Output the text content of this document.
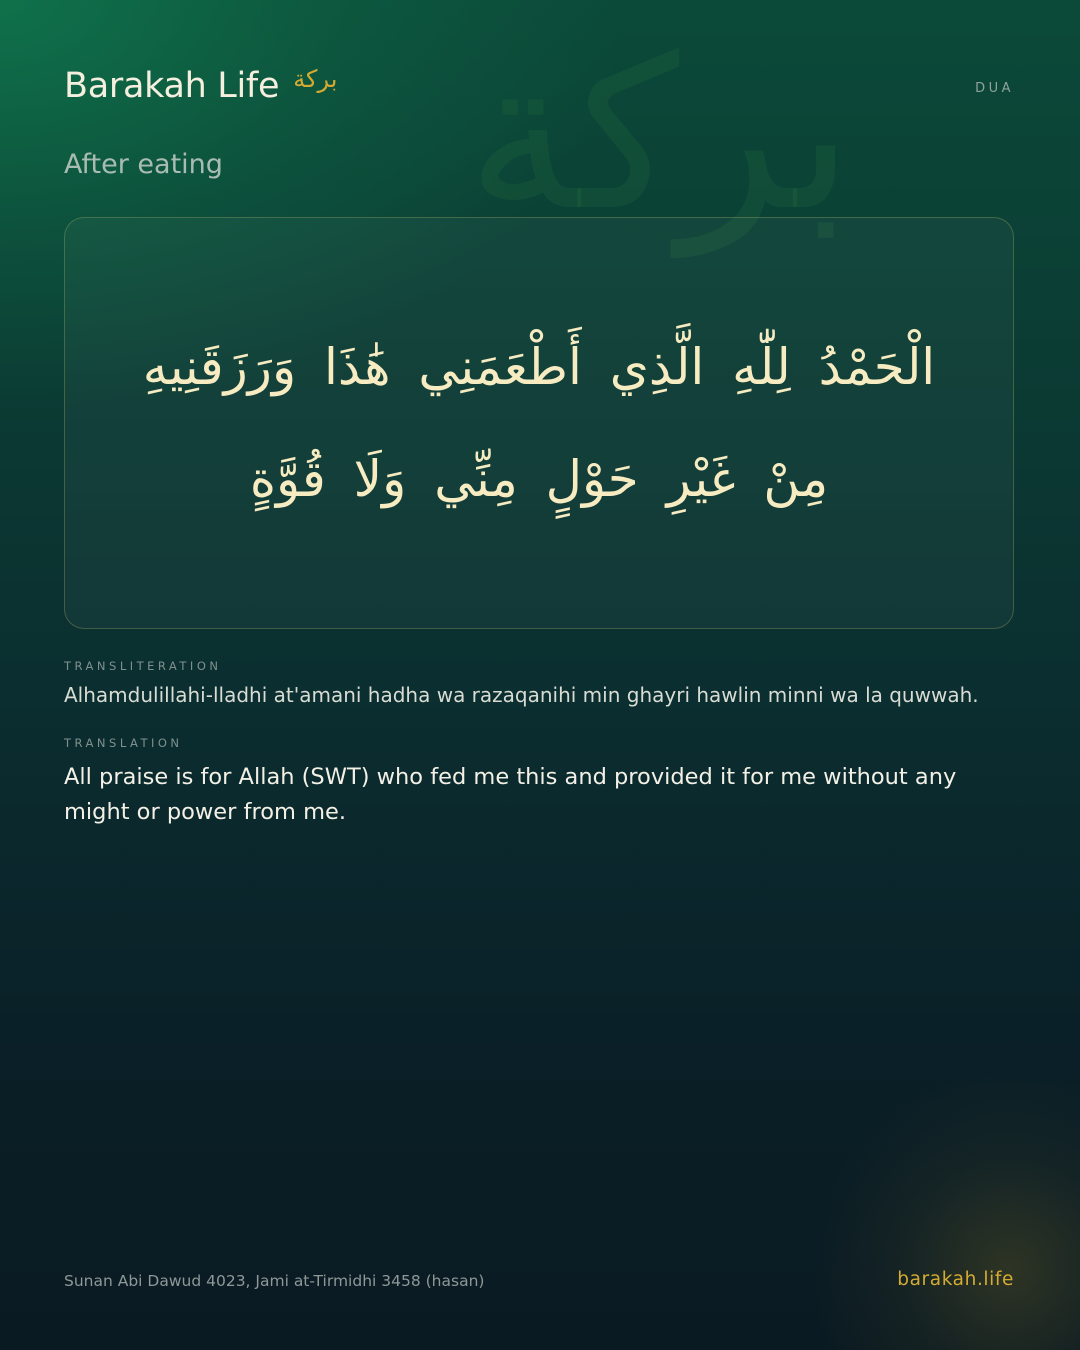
بركة
Barakah Life بركة	DUA
After eating
الْحَمْدُ لِلّٰهِ الَّذِي أَطْعَمَنِي هَٰذَا وَرَزَقَنِيهِ مِنْ غَيْرِ حَوْلٍ مِنِّي وَلَا قُوَّةٍ
TRANSLITERATION
Alhamdulillahi-lladhi at'amani hadha wa razaqanihi min ghayri hawlin minni wa la quwwah.
TRANSLATION
All praise is for Allah (SWT) who fed me this and provided it for me without any might or power from me.
Sunan Abi Dawud 4023, Jami at-Tirmidhi 3458 (hasan)	barakah.life
